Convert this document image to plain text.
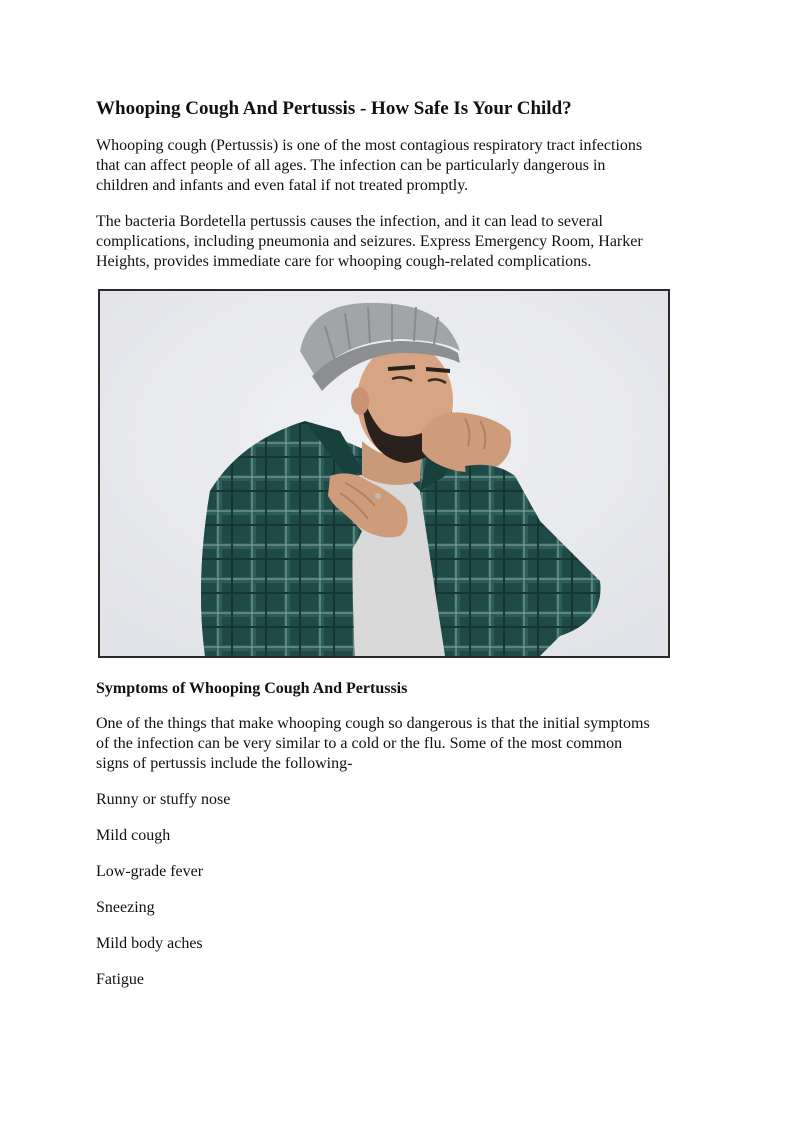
Whooping Cough And Pertussis - How Safe Is Your Child?

Whooping cough (Pertussis) is one of the most contagious respiratory tract infections
that can affect people of all ages. The infection can be particularly dangerous in
children and infants and even fatal if not treated promptly.

The bacteria Bordetella pertussis causes the infection, and it can lead to several
complications, including pneumonia and seizures. Express Emergency Room, Harker
Heights, provides immediate care for whooping cough-related complications.

Symptoms of Whooping Cough And Pertussis

One of the things that make whooping cough so dangerous is that the initial symptoms
of the infection can be very similar to a cold or the flu. Some of the most common
signs of pertussis include the following-

Runny or stuffy nose
Mild cough
Low-grade fever
Sneezing
Mild body aches
Fatigue
